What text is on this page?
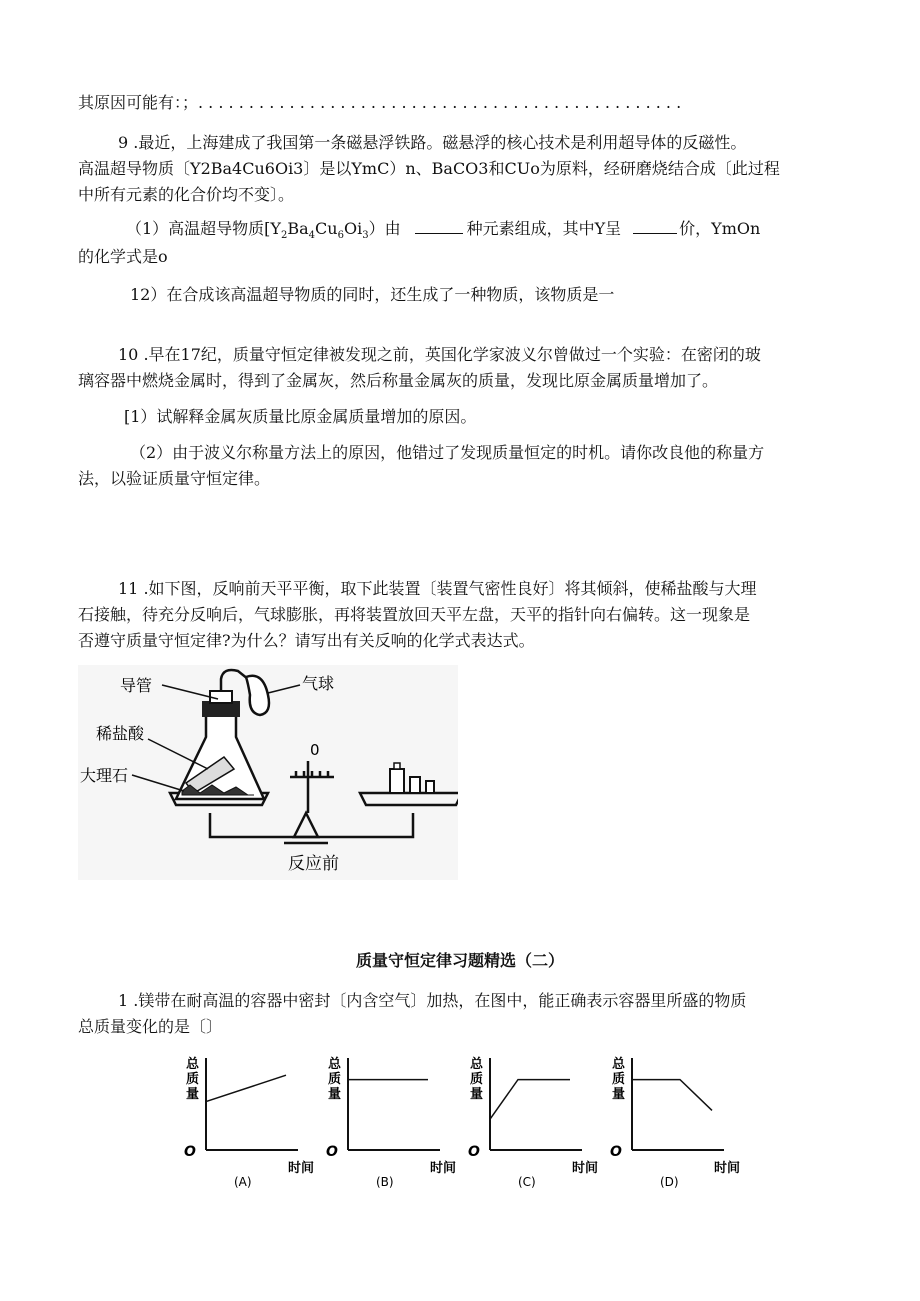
其原因可能有：；. . . . . . . . . . . . . . . . . . . . . . . . . . . . . . . . . . . . . . . . . . . . . . . .

9 .最近，上海建成了我国第一条磁悬浮铁路。磁悬浮的核心技术是利用超导体的反磁性。

高温超导物质〔Y2Ba4Cu6Oi3〕是以YmC）n、BaCO3和CUo为原料，经研磨烧结合成〔此过程

中所有元素的化合价均不变〕。

（1）高温超导物质$[Y_2Ba_4Cu_6Oi_3)$由	种元素组成，其中Y呈	价，YmOn

的化学式是o

12）在合成该高温超导物质的同时，还生成了一种物质，该物质是一

10 .早在17纪，质量守恒定律被发现之前，英国化学家波义尔曾做过一个实验：在密闭的玻

璃容器中燃烧金属时，得到了金属灰，然后称量金属灰的质量，发现比原金属质量增加了。

[1）试解释金属灰质量比原金属质量增加的原因。

（2）由于波义尔称量方法上的原因，他错过了发现质量恒定的时机。请你改良他的称量方

法，以验证质量守恒定律。

11 .如下图，反响前天平平衡，取下此装置〔装置气密性良好〕将其倾斜，使稀盐酸与大理

石接触，待充分反响后，气球膨胀，再将装置放回天平左盘，天平的指针向右偏转。这一现象是

否遵守质量守恒定律?为什么？请写出有关反响的化学式表达式。

导管	气球
稀盐酸
大理石
0
反应前
质量守恒定律习题精选（二）

1 .镁带在耐高温的容器中密封〔内含空气〕加热，在图中，能正确表示容器里所盛的物质

总质量变化的是〔〕

总
质
量
O
时间
(A)
总
质
量
O
时间
(B)
总
质
量
O
时间
(C)
总
质
量
O
时间
(D)
